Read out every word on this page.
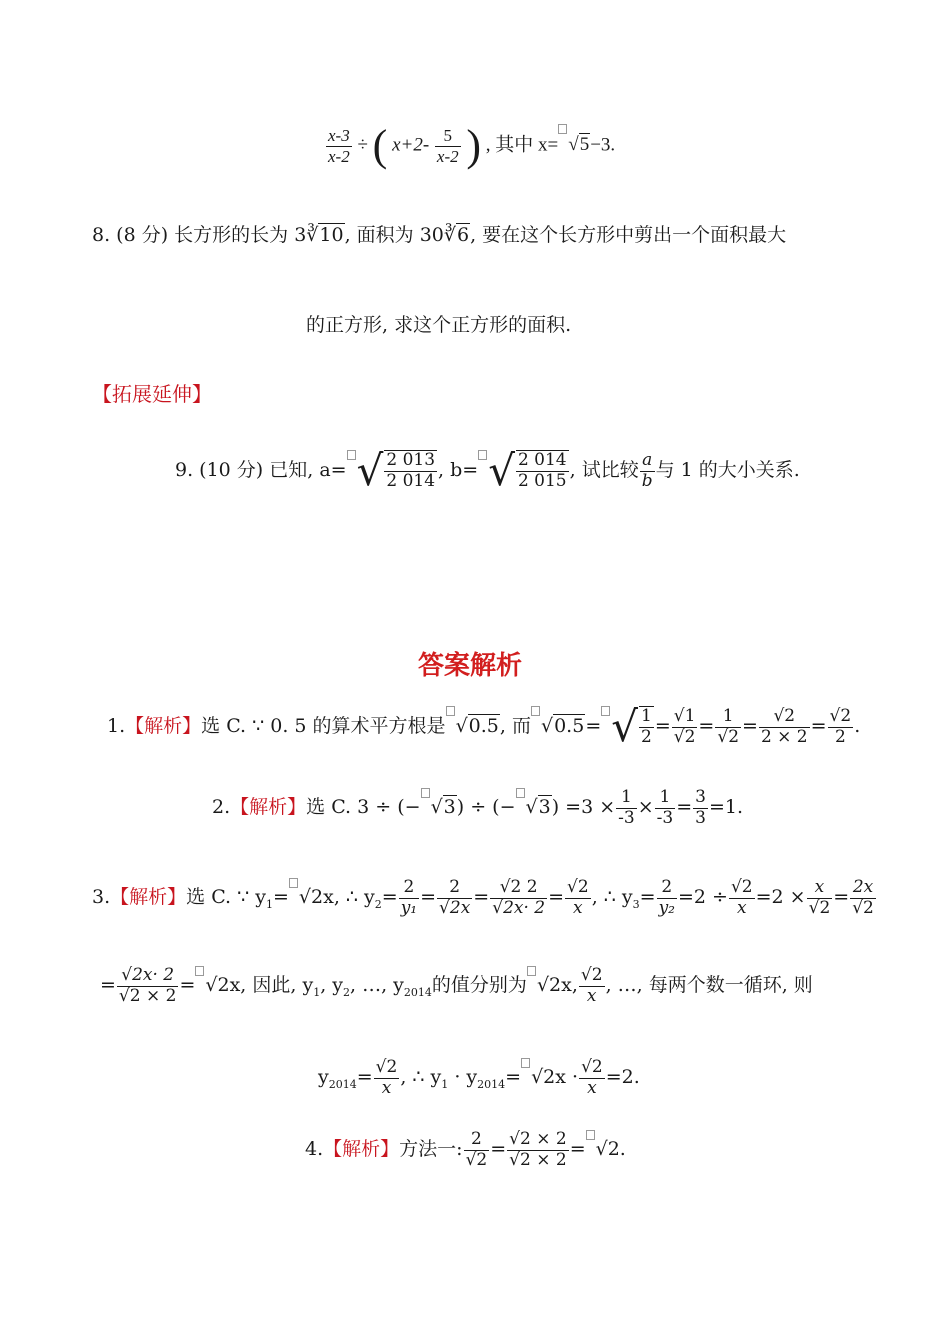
$\frac{x-3}{x-2}$ ÷ ( $x+2- \frac{5}{x-2}$ ) , 其中 x= √5−3.
8. (8 分) 长方形的长为 3∛10, 面积为 30∛6, 要在这个长方形中剪出一个面积最大
的正方形, 求这个正方形的面积.
【拓展延伸】
9. (10 分) 已知, a= √ $\frac{2 013}{2 014}$ , b= √ $\frac{2 014}{2 015}$ , 试比较 $\frac{a}{b}$ 与 1 的大小关系.
答案解析
1.【解析】选 C. ∵ 0. 5 的算术平方根是 √0.5, 而 √0.5= √ $\frac{1}{2} = \frac{√1}{√2} = \frac{1}{√2} = \frac{√2}{2 \times 2} = \frac{√2}{2}$ .
2.【解析】选 C. 3 ÷ (− √3) ÷ (− $√3) =3 \times \frac{1}{-3} \times \frac{1}{-3} = \frac{3}{3} =1$.
3.【解析】选 C. ∵ $y_1= √2x$, ∴ $y_2= \frac{2}{\text{y₁}} = \frac{2}{√2x} = \frac{√2 2}{√2x\cdot 2} = \frac{√2}{x}$ , ∴ $y_3= \frac{2}{\text{y₂}} =2 \div \frac{√2}{x} =2 \times \frac{x}{√2} = \frac{2x}{√2}$
= $\frac{√2x\cdot 2}{√2 \times 2} = √2x$, 因此, $y_1$, $y_2$, …, $y_{2014}$的值分别为 √2x, $\frac{√2}{x}$ , …, 每两个数一循环, 则
$y_{2014}= \frac{√2}{x}$ , ∴ $y_1 \cdot y_{2014}= √2x \cdot \frac{√2}{x} =2$.
4.【解析】方法一: $\frac{2}{√2} = \frac{√2 \times 2}{√2 \times 2} = √2$.
